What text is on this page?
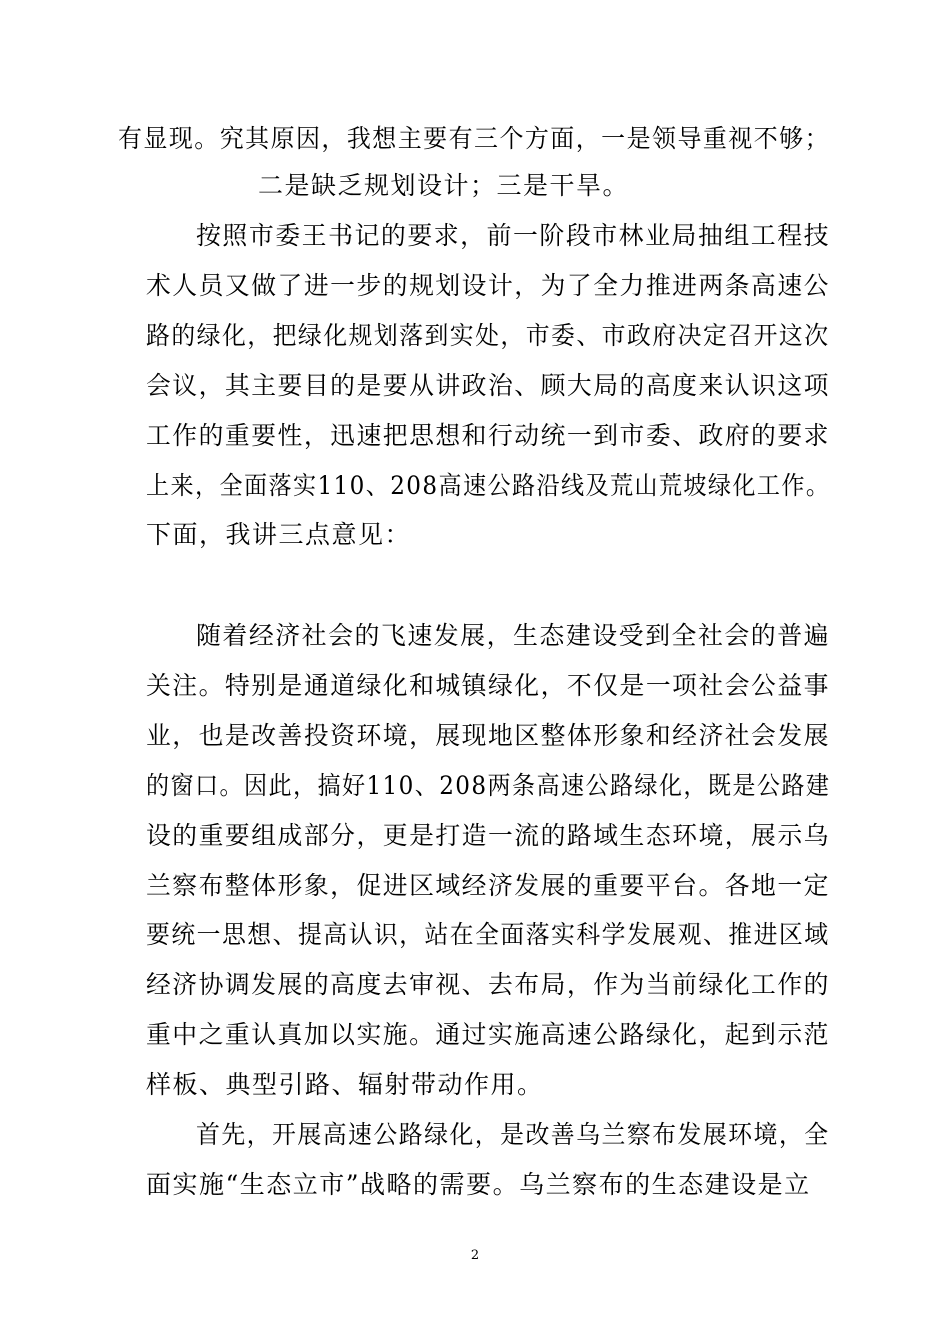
有显现。究其原因，我想主要有三个方面，一是领导重视不够；
二是缺乏规划设计；三是干旱。
按照市委王书记的要求，前一阶段市林业局抽组工程技
术人员又做了进一步的规划设计，为了全力推进两条高速公
路的绿化，把绿化规划落到实处，市委、市政府决定召开这次
会议，其主要目的是要从讲政治、顾大局的高度来认识这项
工作的重要性，迅速把思想和行动统一到市委、政府的要求
上来，全面落实110、208高速公路沿线及荒山荒坡绿化工作。
下面，我讲三点意见：
随着经济社会的飞速发展，生态建设受到全社会的普遍
关注。特别是通道绿化和城镇绿化，不仅是一项社会公益事
业，也是改善投资环境，展现地区整体形象和经济社会发展
的窗口。因此，搞好110、208两条高速公路绿化，既是公路建
设的重要组成部分，更是打造一流的路域生态环境，展示乌
兰察布整体形象，促进区域经济发展的重要平台。各地一定
要统一思想、提高认识，站在全面落实科学发展观、推进区域
经济协调发展的高度去审视、去布局，作为当前绿化工作的
重中之重认真加以实施。通过实施高速公路绿化，起到示范
样板、典型引路、辐射带动作用。
首先，开展高速公路绿化，是改善乌兰察布发展环境，全
面实施“生态立市”战略的需要。乌兰察布的生态建设是立
2
